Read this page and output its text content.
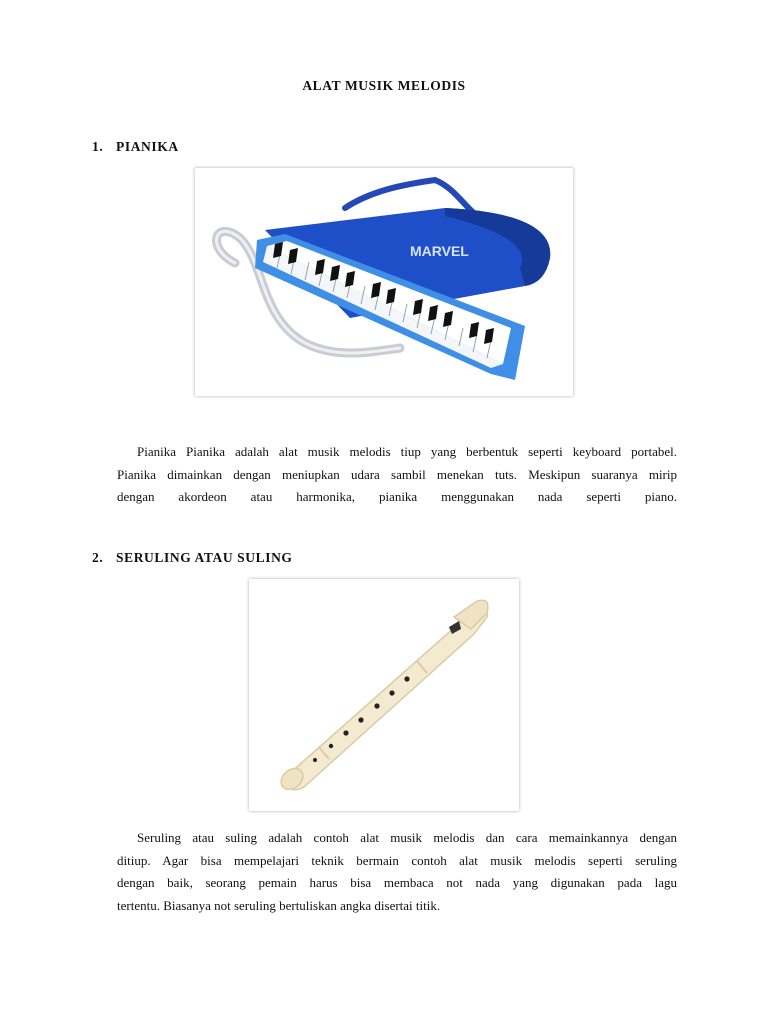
ALAT MUSIK MELODIS
1. PIANIKA
MARVEL
Pianika Pianika adalah alat musik melodis tiup yang berbentuk seperti keyboard portabel.
Pianika dimainkan dengan meniupkan udara sambil menekan tuts. Meskipun suaranya mirip
dengan akordeon atau harmonika, pianika menggunakan nada seperti piano.
2. SERULING ATAU SULING
Seruling atau suling adalah contoh alat musik melodis dan cara memainkannya dengan
ditiup. Agar bisa mempelajari teknik bermain contoh alat musik melodis seperti seruling
dengan baik, seorang pemain harus bisa membaca not nada yang digunakan pada lagu
tertentu. Biasanya not seruling bertuliskan angka disertai titik.
